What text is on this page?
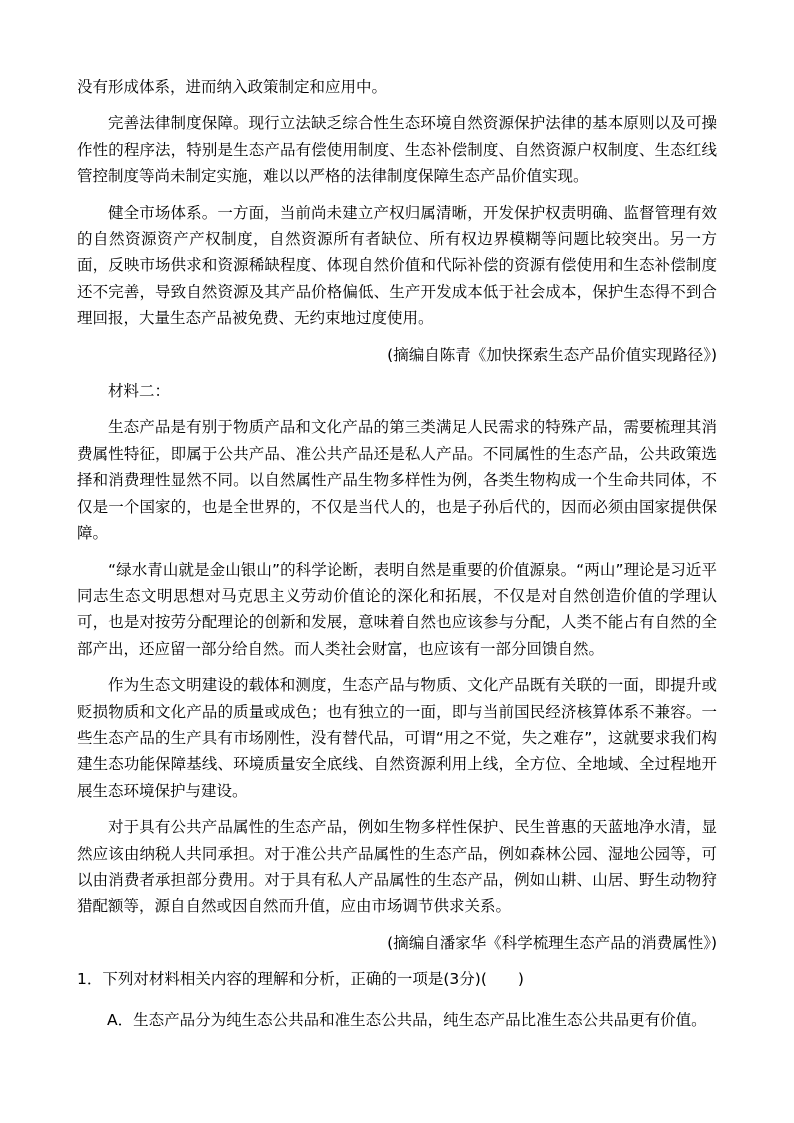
没有形成体系，进而纳入政策制定和应用中。

完善法律制度保障。现行立法缺乏综合性生态环境自然资源保护法律的基本原则以及可操作性的程序法，特别是生态产品有偿使用制度、生态补偿制度、自然资源户权制度、生态红线管控制度等尚未制定实施，难以以严格的法律制度保障生态产品价值实现。

健全市场体系。一方面，当前尚未建立产权归属清晰，开发保护权责明确、监督管理有效的自然资源资产产权制度，自然资源所有者缺位、所有权边界模糊等问题比较突出。另一方面，反映市场供求和资源稀缺程度、体现自然价值和代际补偿的资源有偿使用和生态补偿制度还不完善，导致自然资源及其产品价格偏低、生产开发成本低于社会成本，保护生态得不到合理回报，大量生态产品被免费、无约束地过度使用。

(摘编自陈青《加快探索生态产品价值实现路径》)

材料二：

生态产品是有别于物质产品和文化产品的第三类满足人民需求的特殊产品，需要梳理其消费属性特征，即属于公共产品、准公共产品还是私人产品。不同属性的生态产品，公共政策选择和消费理性显然不同。以自然属性产品生物多样性为例，各类生物构成一个生命共同体，不仅是一个国家的，也是全世界的，不仅是当代人的，也是子孙后代的，因而必须由国家提供保障。

“绿水青山就是金山银山”的科学论断，表明自然是重要的价值源泉。“两山”理论是习近平同志生态文明思想对马克思主义劳动价值论的深化和拓展，不仅是对自然创造价值的学理认可，也是对按劳分配理论的创新和发展，意味着自然也应该参与分配，人类不能占有自然的全部产出，还应留一部分给自然。而人类社会财富，也应该有一部分回馈自然。

作为生态文明建设的载体和测度，生态产品与物质、文化产品既有关联的一面，即提升或贬损物质和文化产品的质量或成色；也有独立的一面，即与当前国民经济核算体系不兼容。一些生态产品的生产具有市场刚性，没有替代品，可谓“用之不觉，失之难存”，这就要求我们构建生态功能保障基线、环境质量安全底线、自然资源利用上线，全方位、全地域、全过程地开展生态环境保护与建设。

对于具有公共产品属性的生态产品，例如生物多样性保护、民生普惠的天蓝地净水清，显然应该由纳税人共同承担。对于准公共产品属性的生态产品，例如森林公园、湿地公园等，可以由消费者承担部分费用。对于具有私人产品属性的生态产品，例如山耕、山居、野生动物狩猎配额等，源自自然或因自然而升值，应由市场调节供求关系。

(摘编自潘家华《科学梳理生态产品的消费属性》)

1．下列对材料相关内容的理解和分析，正确的一项是(3分)(　　)

A．生态产品分为纯生态公共品和准生态公共品，纯生态产品比准生态公共品更有价值。
